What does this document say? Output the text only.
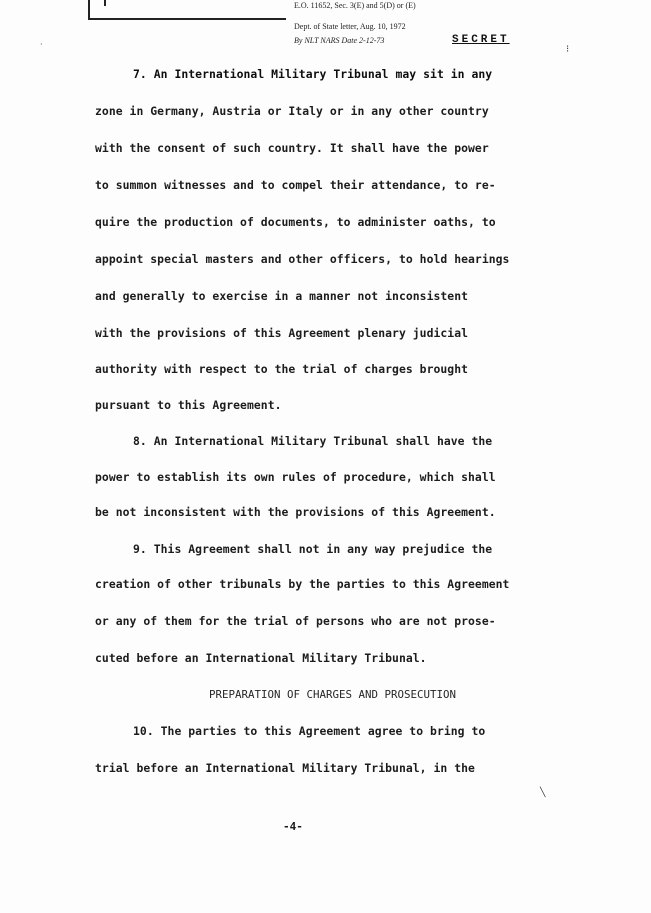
E.O. 11652, Sec. 3(E) and 5(D) or (E)
Dept. of State letter, Aug. 10, 1972
By NLT NARS Date 2-12-73	SECRET
⁝
·
╲
7. An International Military Tribunal may sit in any
zone in Germany, Austria or Italy or in any other country
with the consent of such country. It shall have the power
to summon witnesses and to compel their attendance, to re-
quire the production of documents, to administer oaths, to
appoint special masters and other officers, to hold hearings
and generally to exercise in a manner not inconsistent
with the provisions of this Agreement plenary judicial
authority with respect to the trial of charges brought
pursuant to this Agreement.
8. An International Military Tribunal shall have the
power to establish its own rules of procedure, which shall
be not inconsistent with the provisions of this Agreement.
9. This Agreement shall not in any way prejudice the
creation of other tribunals by the parties to this Agreement
or any of them for the trial of persons who are not prose-
cuted before an International Military Tribunal.
PREPARATION OF CHARGES AND PROSECUTION
10. The parties to this Agreement agree to bring to
trial before an International Military Tribunal, in the
-4-
